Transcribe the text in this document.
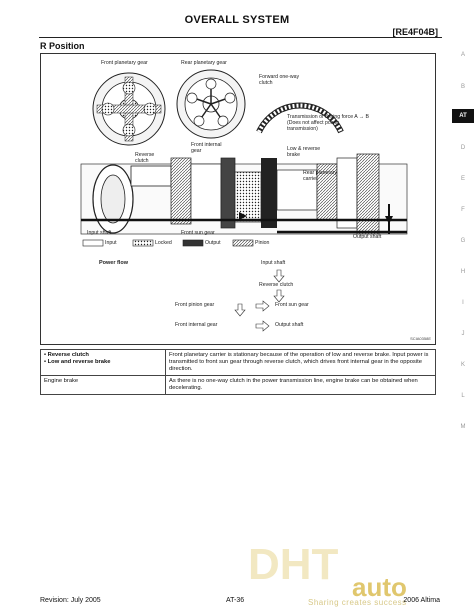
OVERALL SYSTEM
[RE4F04B]
R Position
Front planetary gear	Rear planetary gear
Forward one-way clutch
Transmission of driving force A → B (Does not affect power transmission)
Front internal gear
Reverse clutch
Low & reverse brake
Rear planetary carrier
Input shaft	Front sun gear
Output shaft
Input	Locked	Output	Pinion
Power flow	Input shaft
Reverse clutch
Front pinion gear	Front sun gear
Front internal gear	Output shaft
SCIA0358E
• Reverse clutch
• Low and reverse brake	Front planetary carrier is stationary because of the operation of low and reverse brake. Input power is transmitted to front sun gear through reverse clutch, which drives front internal gear in the opposite direction.
Engine brake	As there is no one-way clutch in the power transmission line, engine brake can be obtained when decelerating.
A
B
AT
D
E
F
G
H
I
J
K
L
M
DHT auto
Sharing creates success
Revision: July 2005	AT-36	2006 Altima
